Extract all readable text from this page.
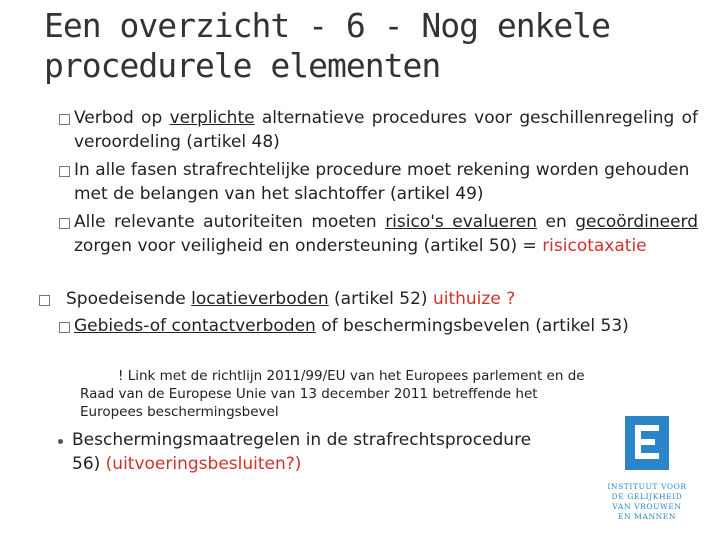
Een overzicht - 6 - Nog enkele
procedurele elementen
Verbod op verplichte alternatieve procedures voor geschillenregeling of veroordeling (artikel 48)
In alle fasen strafrechtelijke procedure moet rekening worden gehouden met de belangen van het slachtoffer (artikel 49)
Alle relevante autoriteiten moeten risico's evalueren en gecoördineerd zorgen voor veiligheid en ondersteuning (artikel 50) = risicotaxatie
Spoedeisende locatieverboden (artikel 52) uithuize ?
Gebieds-of contactverboden of beschermingsbevelen (artikel 53)
! Link met de richtlijn 2011/99/EU van het Europees parlement en de
Raad van de Europese Unie van 13 december 2011 betreffende het
Europees beschermingsbevel
Beschermingsmaatregelen in de strafrechtsprocedure
56) (uitvoeringsbesluiten?)
INSTITUUT VOOR
DE GELIJKHEID
VAN VROUWEN
EN MANNEN
